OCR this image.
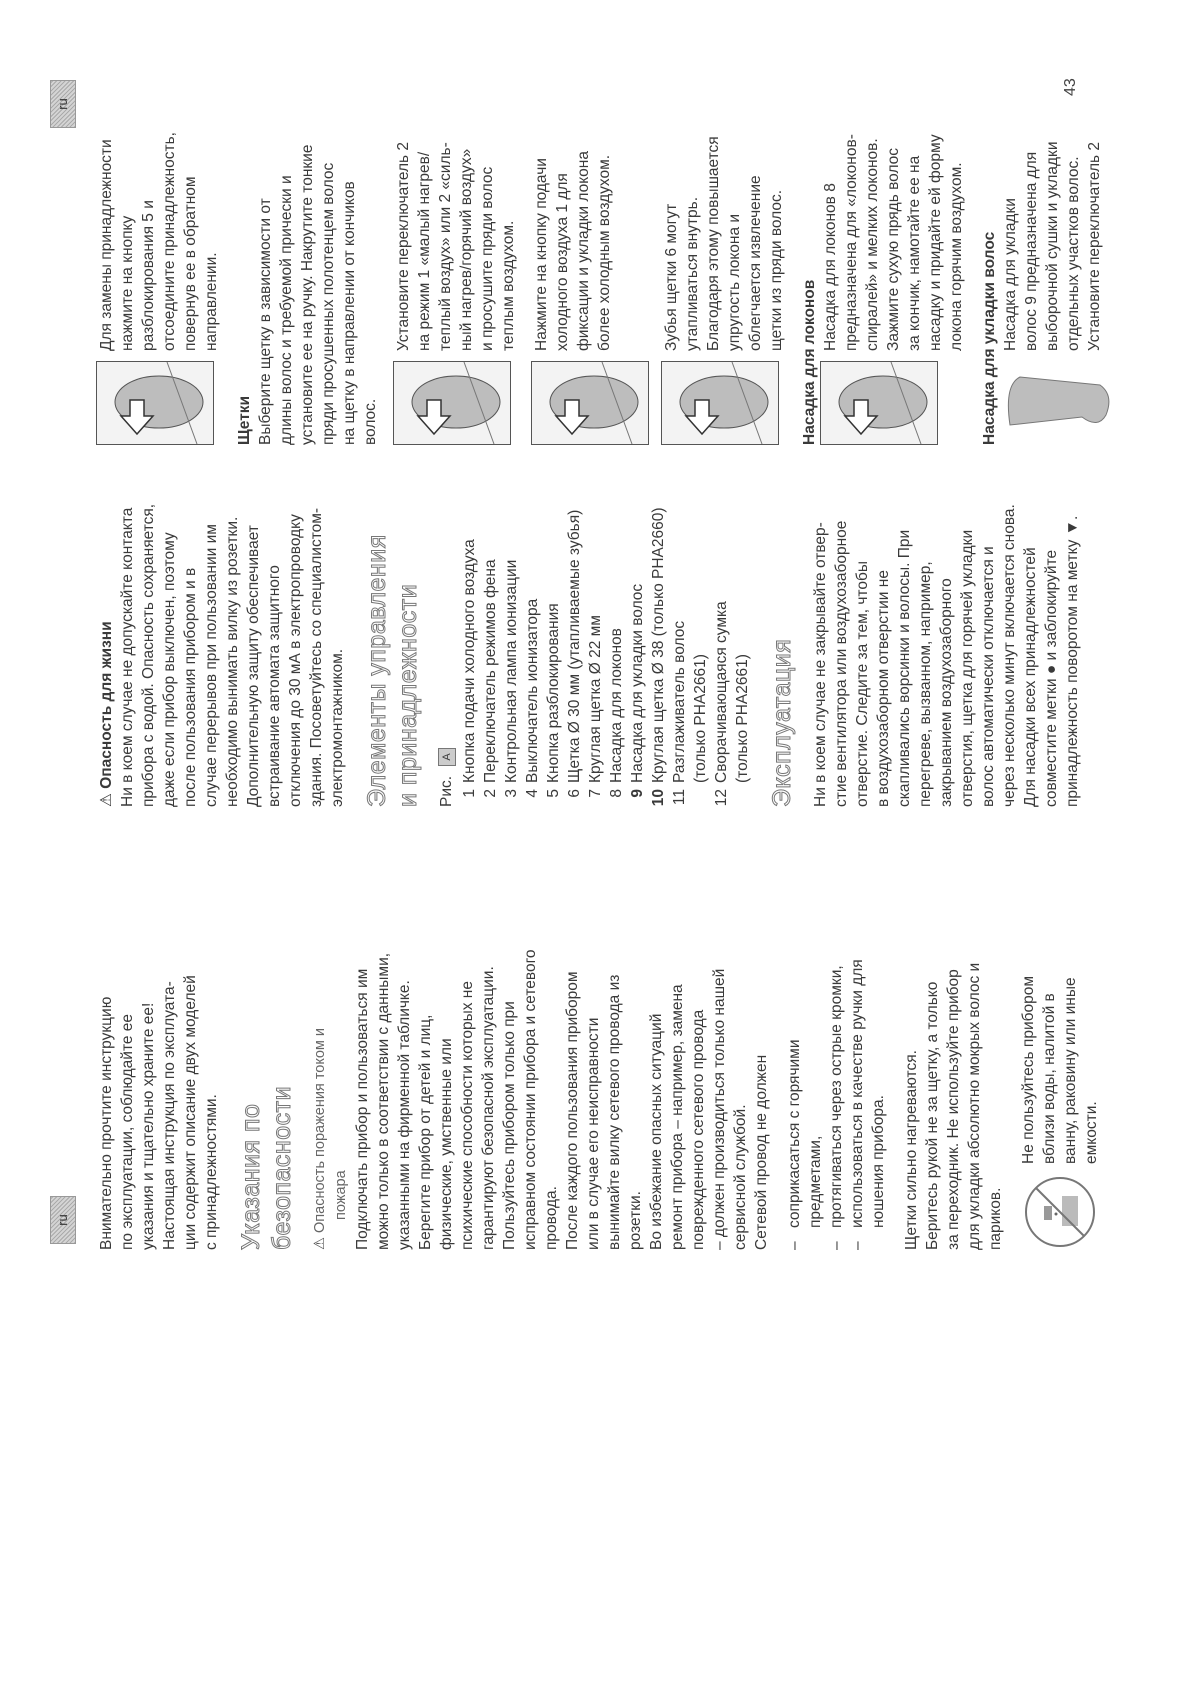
ru
ru
43
Внимательно прочтите инструкцию по эксплуатации, соблюдайте ее указания и тщательно храните ее! Настоящая инструкция по эксплуата- ции содержит описание двух моделей с принадлежностями. Указания по безопасности ⚠ Опасность поражения током и пожара Подключать прибор и пользоваться им можно только в соответствии с данными, указанными на фирменной табличке. Берегите прибор от детей и лиц, физические, умственные или психические способности которых не гарантируют безопасной эксплуатации. Пользуйтесь прибором только при исправном состоянии прибора и сетевого провода. После каждого пользования прибором или в случае его неисправности вынимайте вилку сетевого провода из розетки. Во избежание опасных ситуаций ремонт прибора – например, замена поврежденного сетевого провода – должен производиться только нашей сервисной службой. Сетевой провод не должен –
соприкасаться с горячими предметами,
–
протягиваться через острые кромки,
–
использоваться в качестве ручки для ношения прибора. Щетки сильно нагреваются. Беритесь рукой не за щетку, а только за переходник. Не используйте прибор для укладки абсолютно мокрых волос и париков.
Не пользуйтесь прибором вблизи воды, налитой в ванну, раковину или иные емкости.
⚠ Опасность для жизни Ни в коем случае не допускайте контакта прибора с водой. Опасность сохраняется, даже если прибор выключен, поэтому после пользования прибором и в случае перерывов при пользовании им необходимо вынимать вилку из розетки. Дополнительную защиту обеспечивает встраивание автомата защитного отключения до 30 мА в электропроводку здания. Посоветуйтесь со специалистом- электромонтажником. Элементы управления и принадлежности Рис.
A
1
Кнопка подачи холодного воздуха
2
Переключатель режимов фена
3
Контрольная лампа ионизации
4
Выключатель ионизатора
5
Кнопка разблокирования
6
Щетка Ø 30 мм (утапливаемые зубья)
7
Круглая щетка Ø 22 мм
8
Насадка для локонов
9
Насадка для укладки волос
10
Круглая щетка Ø 38 (только PHA2660)
11
Разглаживатель волос (только PHA2661)
12
Сворачивающаяся сумка (только PHA2661) Эксплуатация Ни в коем случае не закрывайте отвер- стие вентилятора или воздухозаборное отверстие. Следите за тем, чтобы в воздухозаборном отверстии не скапливались ворсинки и волосы. При перегреве, вызванном, например, закрыванием воздухозаборного отверстия, щетка для горячей укладки волос автоматически отключается и через несколько минут включается снова. Для насадки всех принадлежностей совместите метки ● и заблокируйте принадлежность поворотом на метку ▼.
Для замены принадлежности нажмите на кнопку разблокирования 5 и отсоедините принадлежность, повернув ее в обратном направлении.
Щетки Выберите щетку в зависимости от длины волос и требуемой прически и установите ее на ручку. Накрутите тонкие пряди просушенных полотенцем волос на щетку в направлении от кончиков волос.
Установите переключатель 2 на режим 1 «малый нагрев/ теплый воздух» или 2 «силь- ный нагрев/горячий воздух» и просушите пряди волос теплым воздухом. Нажмите на кнопку подачи холодного воздуха 1 для фиксации и укладки локона более холодным воздухом.	Зубья щетки 6 могут утапливаться внутрь. Благодаря этому повышается упругость локона и облегчается извлечение щетки из пряди волос.
Насадка для локонов
Насадка для локонов 8 предназначена для «локонов- спиралей» и мелких локонов. Зажмите сухую прядь волос за кончик, намотайте ее на насадку и придайте ей форму локона горячим воздухом. Насадка для укладки волос Насадка для укладки волос 9 предназначена для выборочной сушки и укладки отдельных участков волос. Установите переключатель 2
